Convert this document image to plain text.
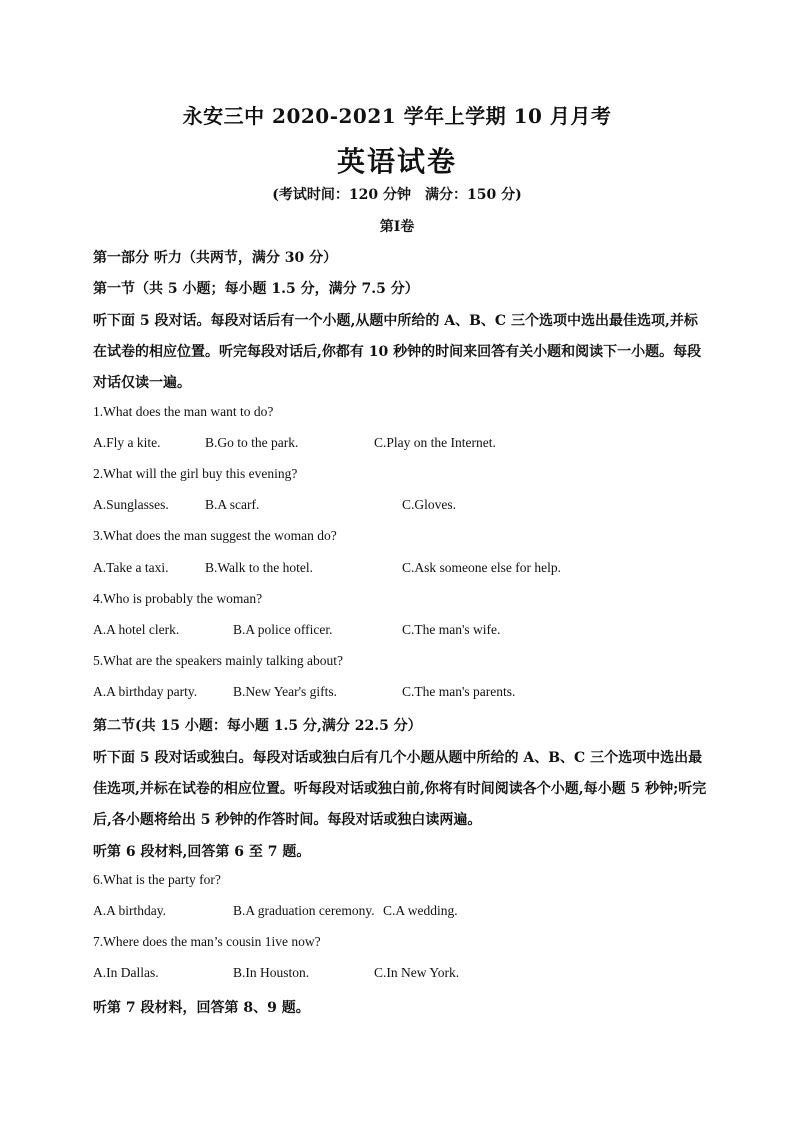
永安三中 2020-2021 学年上学期 10 月月考
英语试卷
(考试时间：120 分钟　满分：150 分)
第Ⅰ卷
第一部分 听力（共两节，满分 30 分）
第一节（共 5 小题；每小题 1.5 分，满分 7.5 分）
听下面 5 段对话。每段对话后有一个小题,从题中所给的 A、B、C 三个选项中选出最佳选项,并标
在试卷的相应位置。听完每段对话后,你都有 10 秒钟的时间来回答有关小题和阅读下一小题。每段
对话仅读一遍。
1.What does the man want to do?
A.Fly a kite.	B.Go to the park.	C.Play on the Internet.
2.What will the girl buy this evening?
A.Sunglasses.	B.A scarf.	C.Gloves.
3.What does the man suggest the woman do?
A.Take a taxi.	B.Walk to the hotel.	C.Ask someone else for help.
4.Who is probably the woman?
A.A hotel clerk.	B.A police officer.	C.The man's wife.
5.What are the speakers mainly talking about?
A.A birthday party.	B.New Year's gifts.	C.The man's parents.
第二节(共 15 小题：每小题 1.5 分,满分 22.5 分）
听下面 5 段对话或独白。每段对话或独白后有几个小题从题中所给的 A、B、C 三个选项中选出最
佳选项,并标在试卷的相应位置。听每段对话或独白前,你将有时间阅读各个小题,每小题 5 秒钟;听完
后,各小题将给出 5 秒钟的作答时间。每段对话或独白读两遍。
听第 6 段材料,回答第 6 至 7 题。
6.What is the party for?
A.A birthday.	B.A graduation ceremony. C.A wedding.
7.Where does the man’s cousin 1ive now?
A.In Dallas.	B.In Houston.	C.In New York.
听第 7 段材料，回答第 8、9 题。
